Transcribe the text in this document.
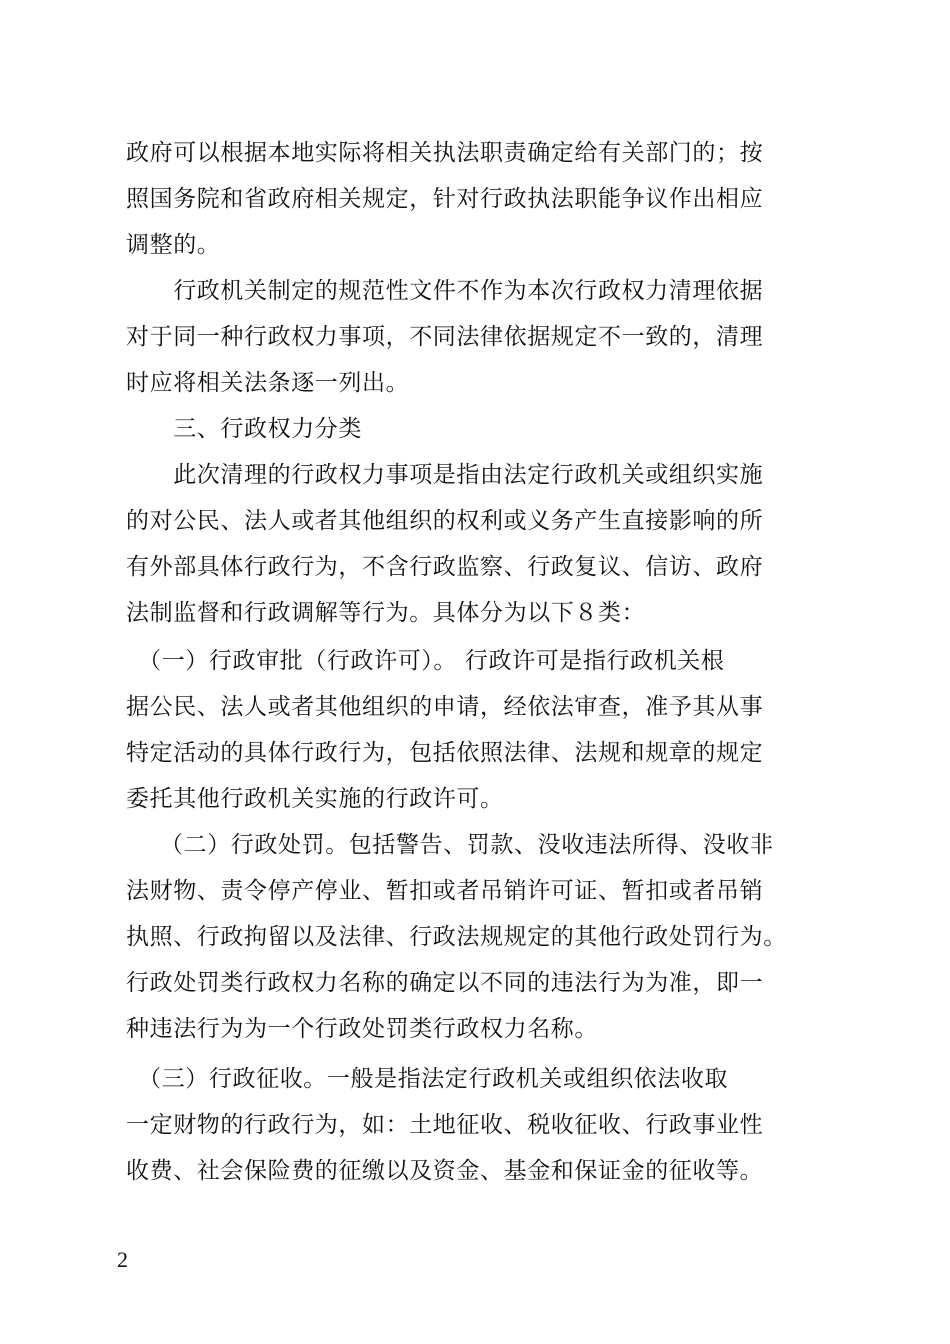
政府可以根据本地实际将相关执法职责确定给有关部门的；按
照国务院和省政府相关规定，针对行政执法职能争议作出相应
调整的。
　　行政机关制定的规范性文件不作为本次行政权力清理依据
对于同一种行政权力事项，不同法律依据规定不一致的，清理
时应将相关法条逐一列出。
　　三、行政权力分类
　　此次清理的行政权力事项是指由法定行政机关或组织实施
的对公民、法人或者其他组织的权利或义务产生直接影响的所
有外部具体行政行为，不含行政监察、行政复议、信访、政府
法制监督和行政调解等行为。具体分为以下８类：
　（一）行政审批（行政许可）。 行政许可是指行政机关根
据公民、法人或者其他组织的申请，经依法审查，准予其从事
特定活动的具体行政行为，包括依照法律、法规和规章的规定
委托其他行政机关实施的行政许可。
（二）行政处罚。包括警告、罚款、没收违法所得、没收非
法财物、责令停产停业、暂扣或者吊销许可证、暂扣或者吊销
执照、行政拘留以及法律、行政法规规定的其他行政处罚行为。
行政处罚类行政权力名称的确定以不同的违法行为为准，即一
种违法行为为一个行政处罚类行政权力名称。
　（三）行政征收。一般是指法定行政机关或组织依法收取
一定财物的行政行为，如：土地征收、税收征收、行政事业性
收费、社会保险费的征缴以及资金、基金和保证金的征收等。
2
